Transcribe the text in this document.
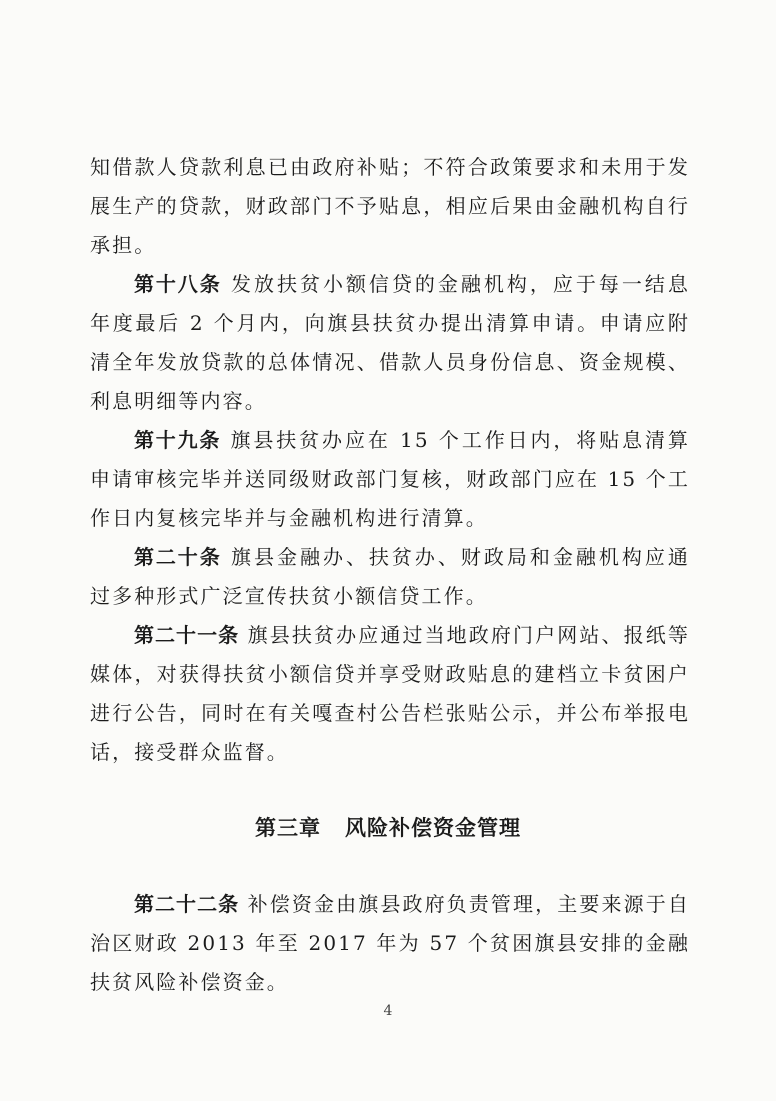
知借款人贷款利息已由政府补贴；不符合政策要求和未用于发展生产的贷款，财政部门不予贴息，相应后果由金融机构自行承担。

第十八条 发放扶贫小额信贷的金融机构，应于每一结息年度最后 2 个月内，向旗县扶贫办提出清算申请。申请应附清全年发放贷款的总体情况、借款人员身份信息、资金规模、利息明细等内容。

第十九条 旗县扶贫办应在 15 个工作日内，将贴息清算申请审核完毕并送同级财政部门复核，财政部门应在 15 个工作日内复核完毕并与金融机构进行清算。

第二十条 旗县金融办、扶贫办、财政局和金融机构应通过多种形式广泛宣传扶贫小额信贷工作。

第二十一条 旗县扶贫办应通过当地政府门户网站、报纸等媒体，对获得扶贫小额信贷并享受财政贴息的建档立卡贫困户进行公告，同时在有关嘎查村公告栏张贴公示，并公布举报电话，接受群众监督。

第三章 风险补偿资金管理

第二十二条 补偿资金由旗县政府负责管理，主要来源于自治区财政 2013 年至 2017 年为 57 个贫困旗县安排的金融扶贫风险补偿资金。

4
